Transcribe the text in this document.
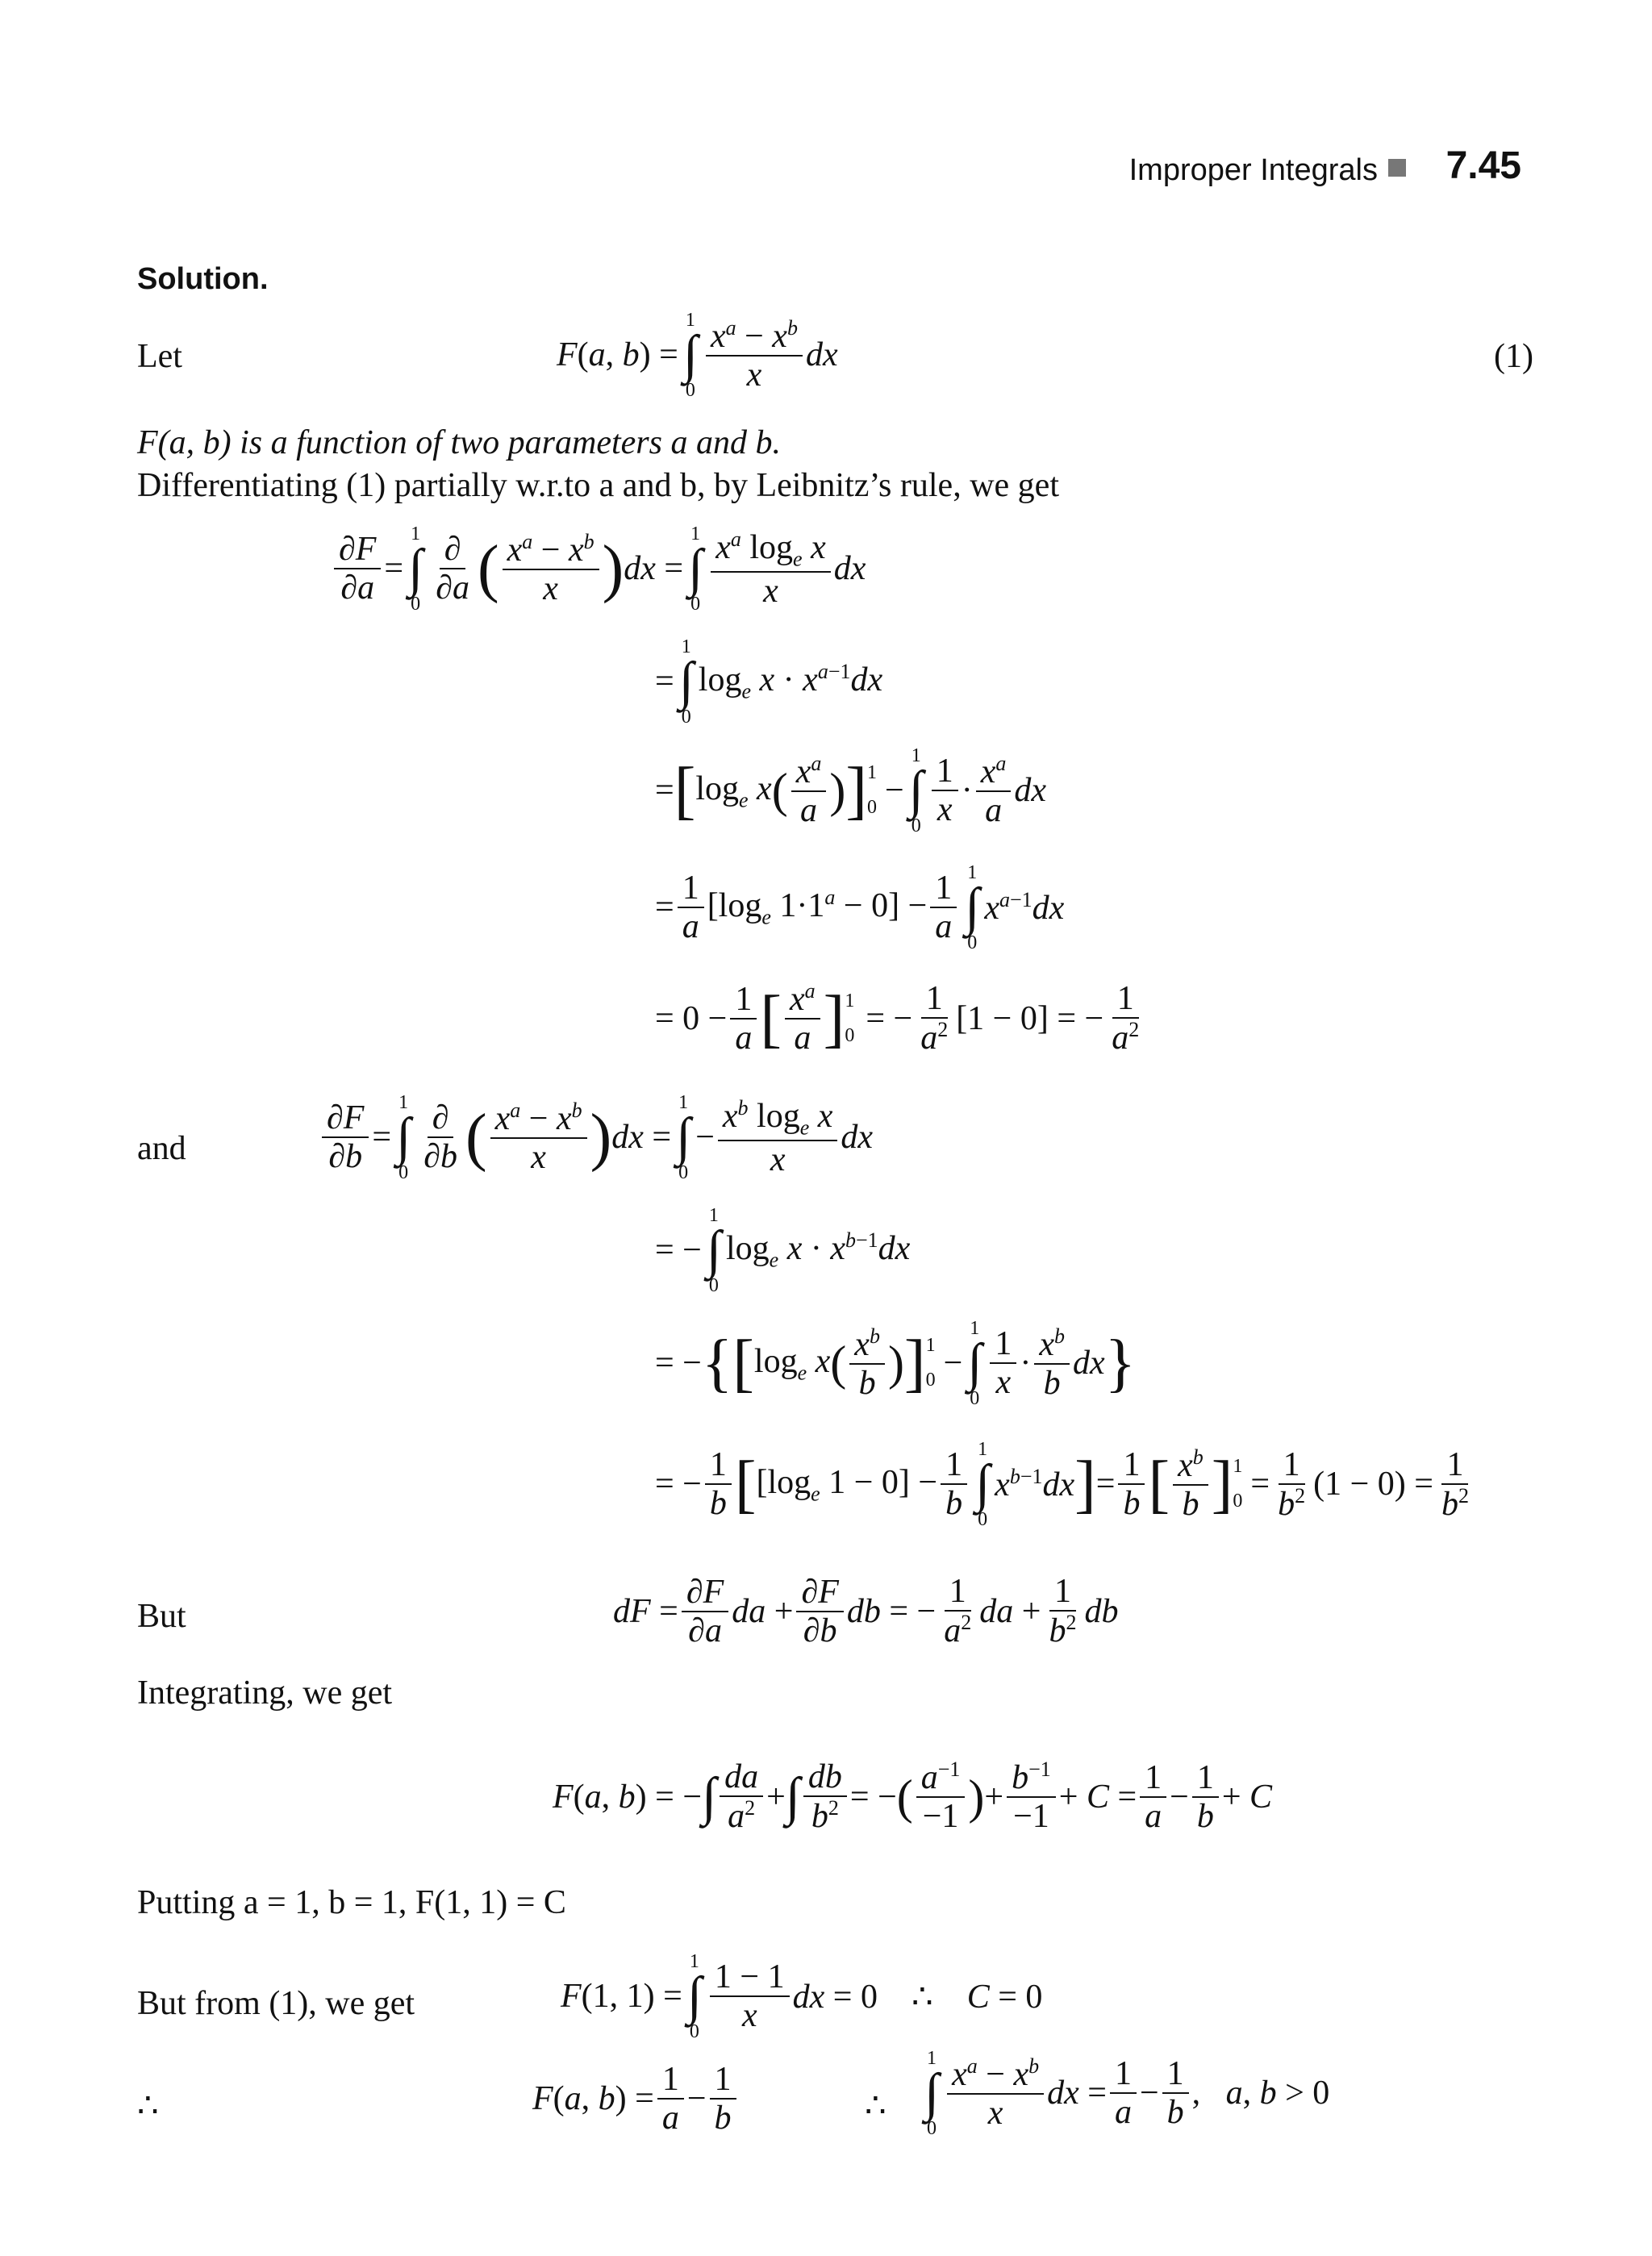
Improper Integrals 7.45
Solution.
Let	F(a, b) =
1
∫
$0 \frac{x^a - x^b}{x}$ dx	(1)
F(a, b) is a function of two parameters a and b.
Differentiating (1) partially w.r.to a and b, by Leibnitz’s rule, we get
$\frac{\partial F}{\partial a}$ =
1
∫
$0 \frac{\partial}{\partial a}$ ( $\frac{x^a - x^b}{x}$ ) dx =
1
∫
$0 \frac{x^a \log_e x}{x}$ dx
=
1
∫
0
$\log_e x \cdot x^{a-1}dx$
= [ $\log_e x$ ( $\frac{x^a}{a}$ ) ] 1
0 −
1
∫
$0 \frac{1}{x} \cdot \frac{x^a}{a}$ dx
= $\frac{1}{a} [\log_e$ $1\cdot 1^a - 0] - \frac{1}{a} 1$
∫
0
$x^{a-1}dx$
= $0 - \frac{1}{a}$ [ $\frac{x^a}{a}$ ] 1
0 = − $\frac{1}{a^2} [1 - 0]$ = − $\frac{1}{a^2}$
and	$\frac{\partial F}{\partial b}$ =
1
∫
$0 \frac{\partial}{\partial b}$ ( $\frac{x^a - x^b}{x}$ ) dx =
1
∫
0
− $\frac{x^b \log_e x}{x}$ dx
= −
1
∫
0
$\log_e x \cdot x^{b-1}dx$
= − { [ $\log_e x$ ( $\frac{x^b}{b}$ ) ] 1
0 −
1
∫
$0 \frac{1}{x} \cdot \frac{x^b}{b}$ dx }
= − $\frac{1}{b}$ [ [$\log_e$ $1 - 0] - \frac{1}{b} 1$
∫
0
$x^{b-1}dx$ ] = $\frac{1}{b}$ [ $\frac{x^b}{b}$ ] 1
$0 = \frac{1}{b^2} (1 - 0) = \frac{1}{b^2}$
But	dF = $\frac{\partial F}{\partial a}$ da + $\frac{\partial F}{\partial b}$ db = − $\frac{1}{a^2}$ da + $\frac{1}{b^2}$ db
Integrating, we get
F(a, b) = − ∫ $\frac{da}{a^2}$ + ∫ $\frac{db}{b^2}$ = − ( $\frac{a^{-1}}{-1}$ ) + $\frac{b^{-1}}{-1} + C = \frac{1}{a} - \frac{1}{b} + C$
Putting a = 1, b = 1, F(1, 1) = C
But from (1), we get	F(1, 1) =
1
∫
$0 \frac{1 - 1}{x}$ dx = 0    ∴    C = 0
∴	F(a, $b) = \frac{1}{a} - \frac{1}{b}$	∴
1
∫
$0 \frac{x^a - x^b}{x}$ dx = $\frac{1}{a} - \frac{1}{b}$ ,   a, b > 0
